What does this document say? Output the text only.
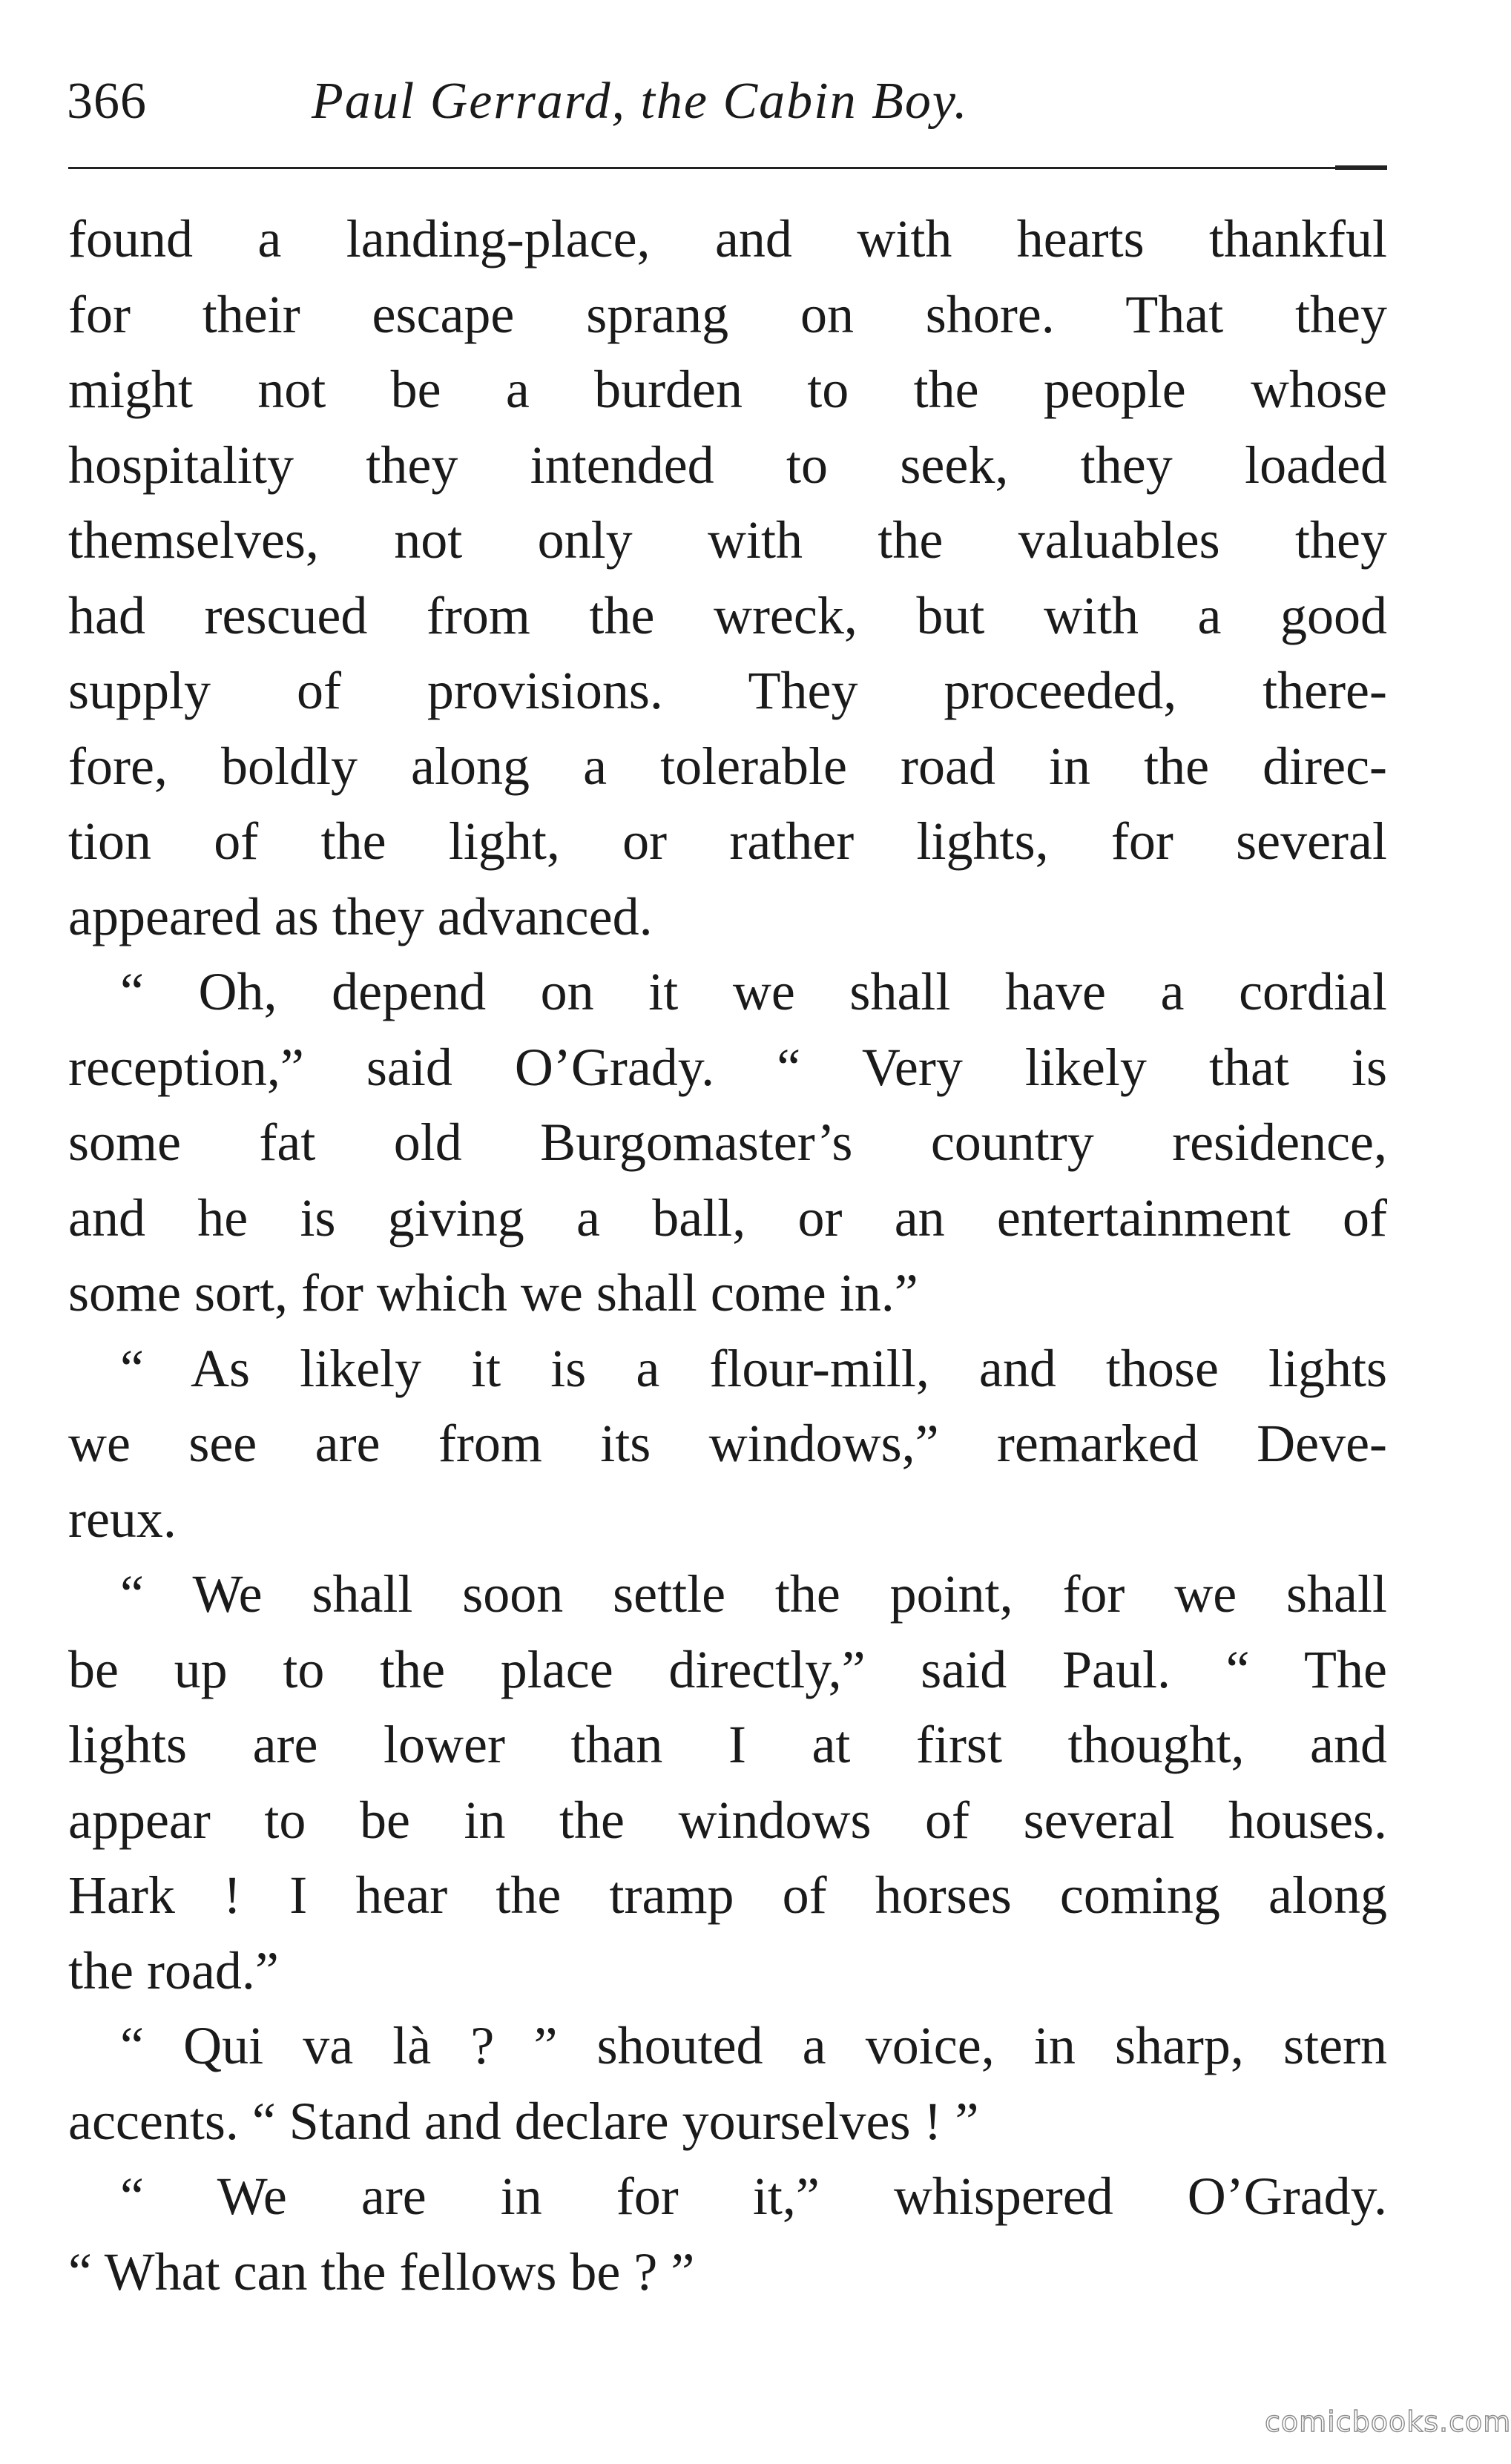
366	Paul Gerrard, the Cabin Boy.
found a landing-place, and with hearts thankful
for their escape sprang on shore. That they
might not be a burden to the people whose
hospitality they intended to seek, they loaded
themselves, not only with the valuables they
had rescued from the wreck, but with a good
supply of provisions. They proceeded, there-
fore, boldly along a tolerable road in the direc-
tion of the light, or rather lights, for several
appeared as they advanced.
“ Oh, depend on it we shall have a cordial
reception,” said O’Grady. “ Very likely that is
some fat old Burgomaster’s country residence,
and he is giving a ball, or an entertainment of
some sort, for which we shall come in.”
“ As likely it is a flour-mill, and those lights
we see are from its windows,” remarked Deve-
reux.
“ We shall soon settle the point, for we shall
be up to the place directly,” said Paul. “ The
lights are lower than I at first thought, and
appear to be in the windows of several houses.
Hark ! I hear the tramp of horses coming along
the road.”
“ Qui va là ? ” shouted a voice, in sharp, stern
accents. “ Stand and declare yourselves ! ”
“ We are in for it,” whispered O’Grady.
“ What can the fellows be ? ”
comicbooks.com
